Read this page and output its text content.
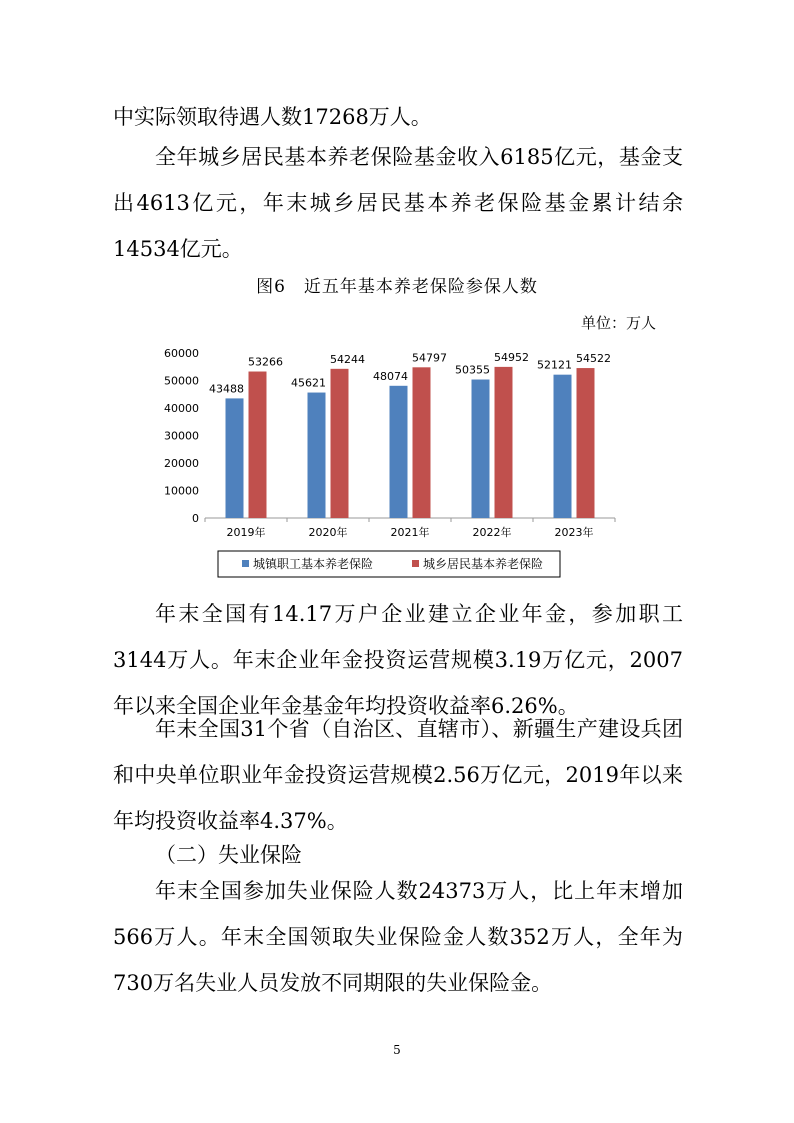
中实际领取待遇人数17268万人。

全年城乡居民基本养老保险基金收入6185亿元，基金支出4613亿元，年末城乡居民基本养老保险基金累计结余14534亿元。

图6　近五年基本养老保险参保人数
单位：万人
0
10000
20000
30000
40000
50000
60000
2019年
43488
53266
2020年
45621
54244
2021年
48074
54797
2022年
50355
54952
2023年
52121
54522
城镇职工基本养老保险	城乡居民基本养老保险

年末全国有14.17万户企业建立企业年金，参加职工3144万人。年末企业年金投资运营规模3.19万亿元，2007年以来全国企业年金基金年均投资收益率6.26%。

年末全国31个省（自治区、直辖市）、新疆生产建设兵团和中央单位职业年金投资运营规模2.56万亿元，2019年以来年均投资收益率4.37%。

（二）失业保险

年末全国参加失业保险人数24373万人，比上年末增加566万人。年末全国领取失业保险金人数352万人，全年为730万名失业人员发放不同期限的失业保险金。

5
